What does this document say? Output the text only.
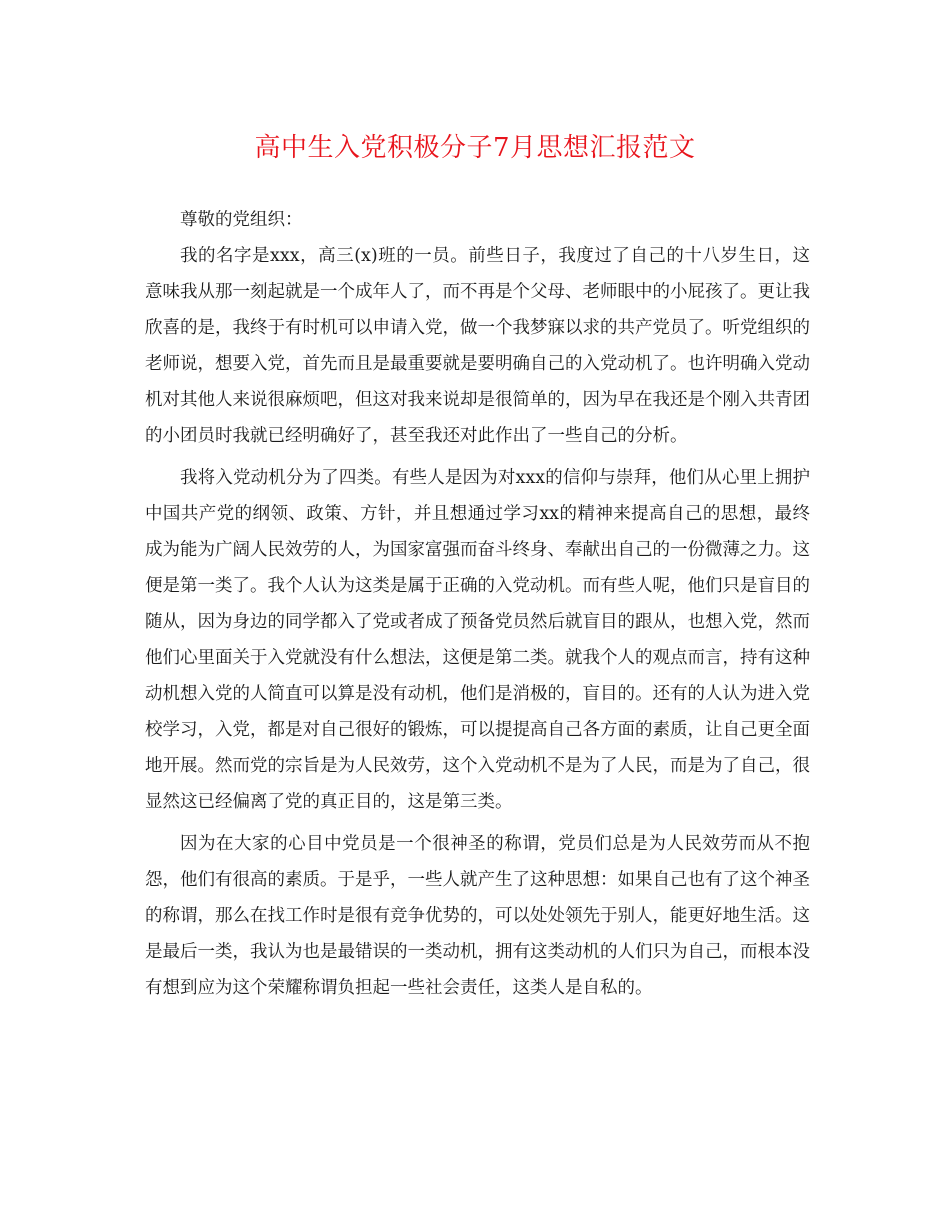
高中生入党积极分子7月思想汇报范文

尊敬的党组织：

我的名字是xxx，高三(x)班的一员。前些日子，我度过了自己的十八岁生日，这意味我从那一刻起就是一个成年人了，而不再是个父母、老师眼中的小屁孩了。更让我欣喜的是，我终于有时机可以申请入党，做一个我梦寐以求的共产党员了。听党组织的老师说，想要入党，首先而且是最重要就是要明确自己的入党动机了。也许明确入党动机对其他人来说很麻烦吧，但这对我来说却是很简单的，因为早在我还是个刚入共青团的小团员时我就已经明确好了，甚至我还对此作出了一些自己的分析。

我将入党动机分为了四类。有些人是因为对xxx的信仰与崇拜，他们从心里上拥护中国共产党的纲领、政策、方针，并且想通过学习xx的精神来提高自己的思想，最终成为能为广阔人民效劳的人，为国家富强而奋斗终身、奉献出自己的一份微薄之力。这便是第一类了。我个人认为这类是属于正确的入党动机。而有些人呢，他们只是盲目的随从，因为身边的同学都入了党或者成了预备党员然后就盲目的跟从，也想入党，然而他们心里面关于入党就没有什么想法，这便是第二类。就我个人的观点而言，持有这种动机想入党的人简直可以算是没有动机，他们是消极的，盲目的。还有的人认为进入党校学习，入党，都是对自己很好的锻炼，可以提提高自己各方面的素质，让自己更全面地开展。然而党的宗旨是为人民效劳，这个入党动机不是为了人民，而是为了自己，很显然这已经偏离了党的真正目的，这是第三类。

因为在大家的心目中党员是一个很神圣的称谓，党员们总是为人民效劳而从不抱怨，他们有很高的素质。于是乎，一些人就产生了这种思想：如果自己也有了这个神圣的称谓，那么在找工作时是很有竞争优势的，可以处处领先于别人，能更好地生活。这是最后一类，我认为也是最错误的一类动机，拥有这类动机的人们只为自己，而根本没有想到应为这个荣耀称谓负担起一些社会责任，这类人是自私的。
